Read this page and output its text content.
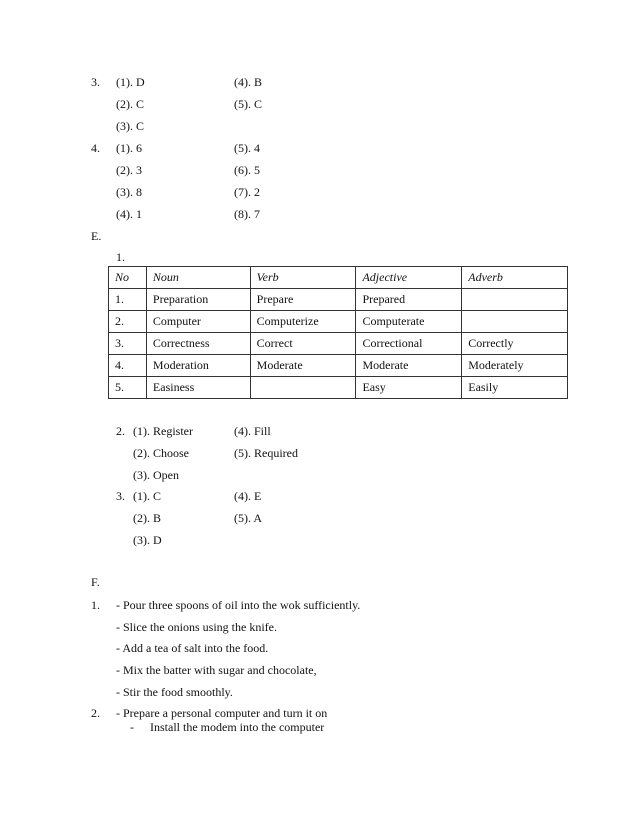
3. (1). D
(2). C
(3). C
(4). B
(5). C
4. (1). 6
(2). 3
(3). 8
(4). 1
(5). 4
(6). 5
(7). 2
(8). 7
E.
1.
No	Noun	Verb	Adjective	Adverb
1.	Preparation	Prepare	Prepared	
2.	Computer	Computerize	Computerate	
3.	Correctness	Correct	Correctional	Correctly
4.	Moderation	Moderate	Moderate	Moderately
5.	Easiness		Easy	Easily
2. (1). Register
(2). Choose
(3). Open
(4). Fill
(5). Required
3. (1). C
(2). B
(3). D
(4). E
(5). A
F.
1. - Pour three spoons of oil into the wok sufficiently.
- Slice the onions using the knife.
- Add a tea of salt into the food.
- Mix the batter with sugar and chocolate,
- Stir the food smoothly.
2. - Prepare a personal computer and turn it on
- Install the modem into the computer
